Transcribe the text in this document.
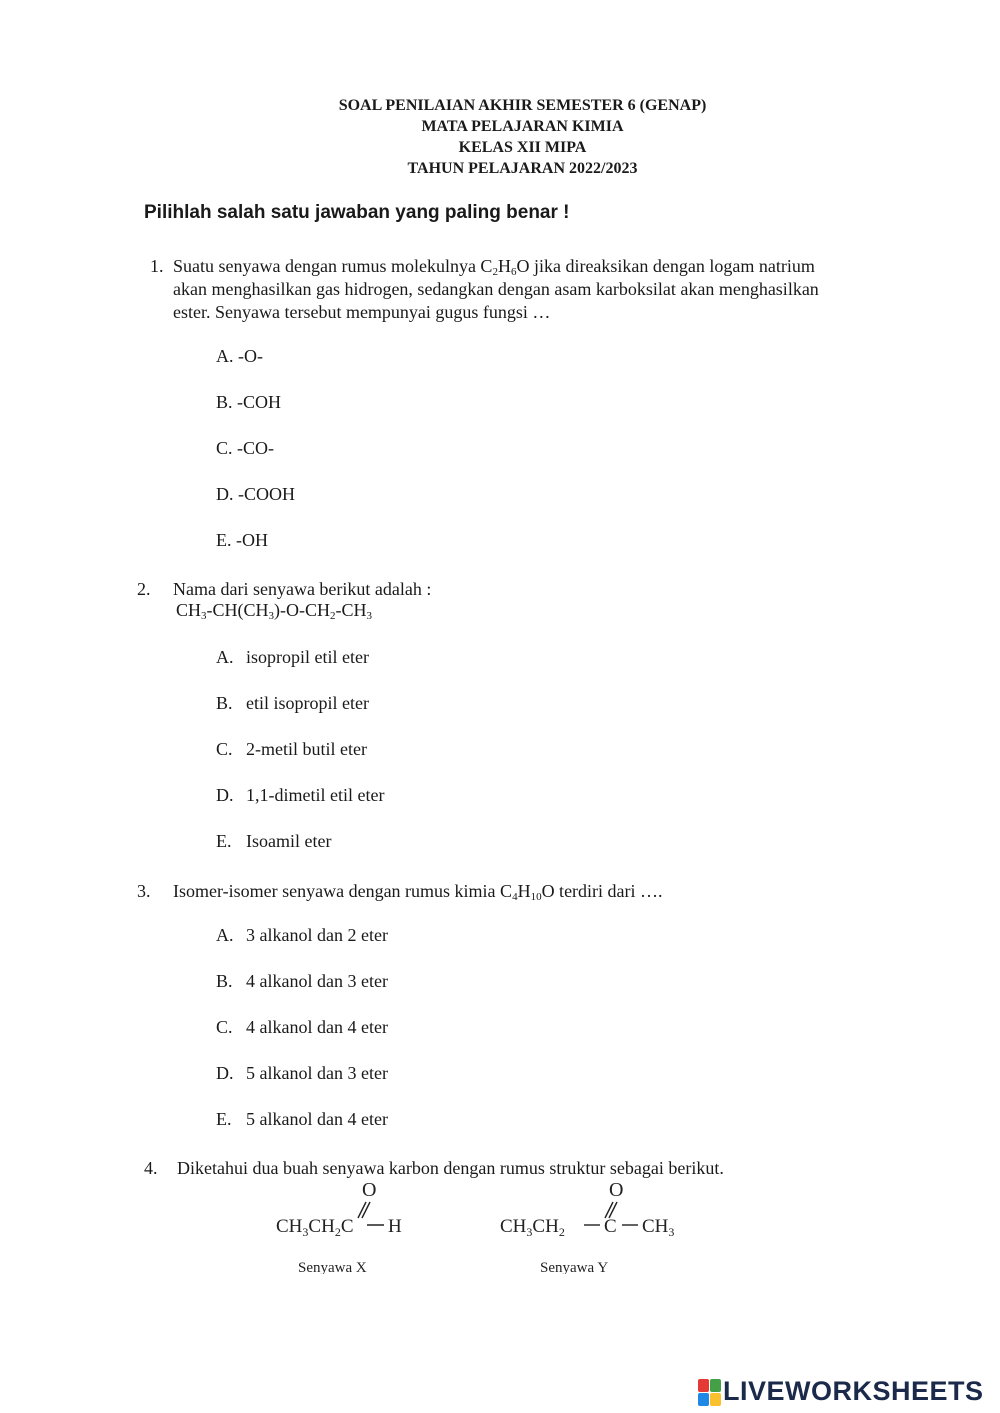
SOAL PENILAIAN AKHIR SEMESTER 6 (GENAP)
MATA PELAJARAN KIMIA
KELAS XII MIPA
TAHUN PELAJARAN 2022/2023
Pilihlah salah satu jawaban yang paling benar !
1. Suatu senyawa dengan rumus molekulnya $C_2H_6O$ jika direaksikan dengan logam natrium
akan menghasilkan gas hidrogen, sedangkan dengan asam karboksilat akan menghasilkan
ester. Senyawa tersebut mempunyai gugus fungsi …
A. -O-
B. -COH
C. -CO-
D. -COOH
E. -OH
2. Nama dari senyawa berikut adalah :
$CH_3-CH(CH_3)-O-CH_2-CH_3$
A. isopropil etil eter
B. etil isopropil eter
C. 2-metil butil eter
D. 1,1-dimetil etil eter
E. Isoamil eter
3. Isomer-isomer senyawa dengan rumus kimia $C_4H_{10}O$ terdiri dari ….
A. 3 alkanol dan 2 eter
B. 4 alkanol dan 3 eter
C. 4 alkanol dan 4 eter
D. 5 alkanol dan 3 eter
E. 5 alkanol dan 4 eter
4. Diketahui dua buah senyawa karbon dengan rumus struktur sebagai berikut.
O
$CH_3CH_2C$ H
Senyawa X
O
$CH_3CH_2$ C $CH_3$
Senyawa Y
LIVEWORKSHEETS
